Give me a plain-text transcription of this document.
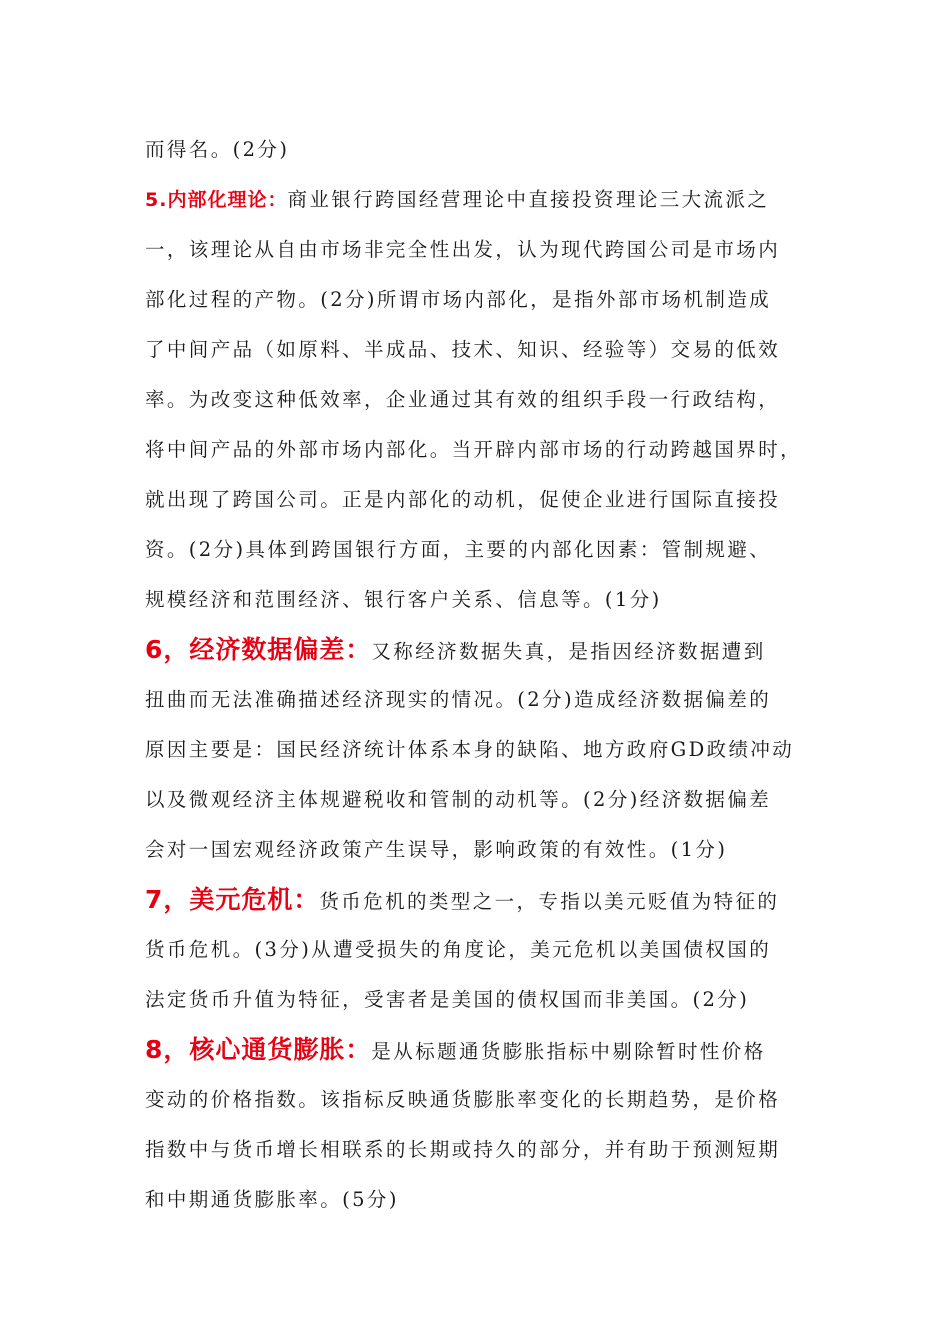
而得名。(2分)
5.内部化理论：商业银行跨国经营理论中直接投资理论三大流派之
一，该理论从自由市场非完全性出发，认为现代跨国公司是市场内
部化过程的产物。(2分)所谓市场内部化，是指外部市场机制造成
了中间产品（如原料、半成品、技术、知识、经验等）交易的低效
率。为改变这种低效率，企业通过其有效的组织手段一行政结构，
将中间产品的外部市场内部化。当开辟内部市场的行动跨越国界时，
就出现了跨国公司。正是内部化的动机，促使企业进行国际直接投
资。(2分)具体到跨国银行方面，主要的内部化因素：管制规避、
规模经济和范围经济、银行客户关系、信息等。(1分)
6，经济数据偏差：又称经济数据失真，是指因经济数据遭到
扭曲而无法准确描述经济现实的情况。(2分)造成经济数据偏差的
原因主要是：国民经济统计体系本身的缺陷、地方政府GD政绩冲动
以及微观经济主体规避税收和管制的动机等。(2分)经济数据偏差
会对一国宏观经济政策产生误导，影响政策的有效性。(1分)
7，美元危机：货币危机的类型之一，专指以美元贬值为特征的
货币危机。(3分)从遭受损失的角度论，美元危机以美国债权国的
法定货币升值为特征，受害者是美国的债权国而非美国。(2分)
8，核心通货膨胀：是从标题通货膨胀指标中剔除暂时性价格
变动的价格指数。该指标反映通货膨胀率变化的长期趋势，是价格
指数中与货币增长相联系的长期或持久的部分，并有助于预测短期
和中期通货膨胀率。(5分)
